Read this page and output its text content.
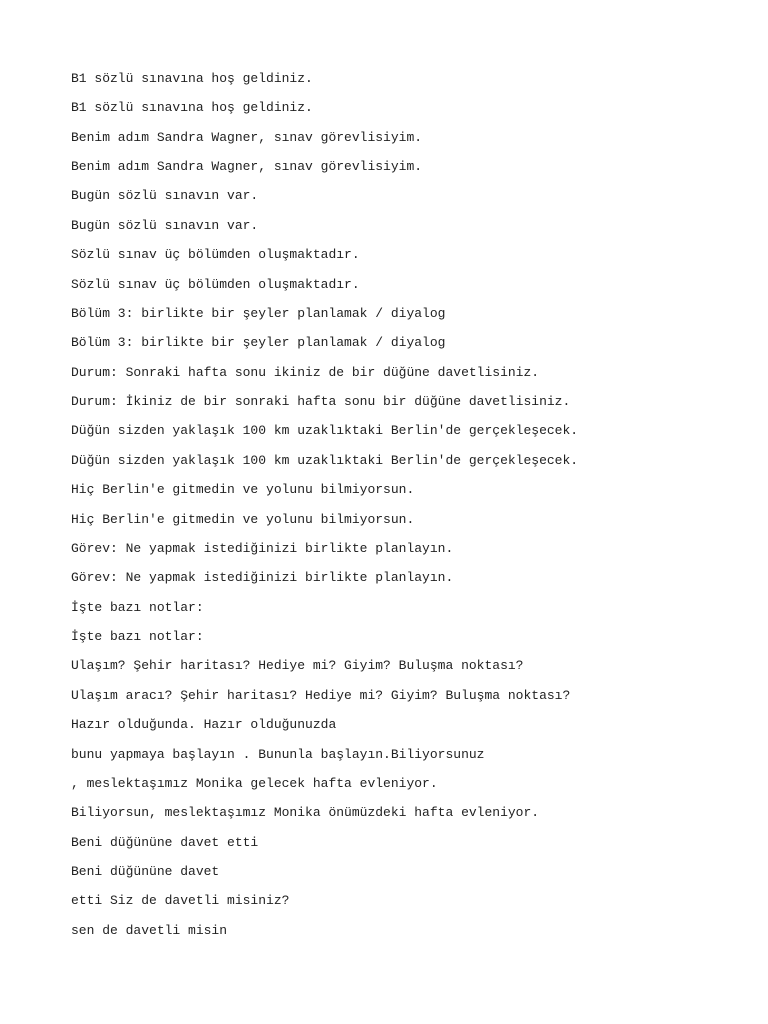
B1 sözlü sınavına hoş geldiniz.

B1 sözlü sınavına hoş geldiniz.

Benim adım Sandra Wagner, sınav görevlisiyim.

Benim adım Sandra Wagner, sınav görevlisiyim.

Bugün sözlü sınavın var.

Bugün sözlü sınavın var.

Sözlü sınav üç bölümden oluşmaktadır.

Sözlü sınav üç bölümden oluşmaktadır.

Bölüm 3: birlikte bir şeyler planlamak / diyalog

Bölüm 3: birlikte bir şeyler planlamak / diyalog

Durum: Sonraki hafta sonu ikiniz de bir düğüne davetlisiniz.

Durum: İkiniz de bir sonraki hafta sonu bir düğüne davetlisiniz.

Düğün sizden yaklaşık 100 km uzaklıktaki Berlin'de gerçekleşecek.

Düğün sizden yaklaşık 100 km uzaklıktaki Berlin'de gerçekleşecek.

Hiç Berlin'e gitmedin ve yolunu bilmiyorsun.

Hiç Berlin'e gitmedin ve yolunu bilmiyorsun.

Görev: Ne yapmak istediğinizi birlikte planlayın.

Görev: Ne yapmak istediğinizi birlikte planlayın.

İşte bazı notlar:

İşte bazı notlar:

Ulaşım? Şehir haritası? Hediye mi? Giyim? Buluşma noktası?

Ulaşım aracı? Şehir haritası? Hediye mi? Giyim? Buluşma noktası?

Hazır olduğunda. Hazır olduğunuzda

bunu yapmaya başlayın . Bununla başlayın.Biliyorsunuz

, meslektaşımız Monika gelecek hafta evleniyor.

Biliyorsun, meslektaşımız Monika önümüzdeki hafta evleniyor.

Beni düğününe davet etti

Beni düğününe davet

etti Siz de davetli misiniz?

sen de davetli misin
